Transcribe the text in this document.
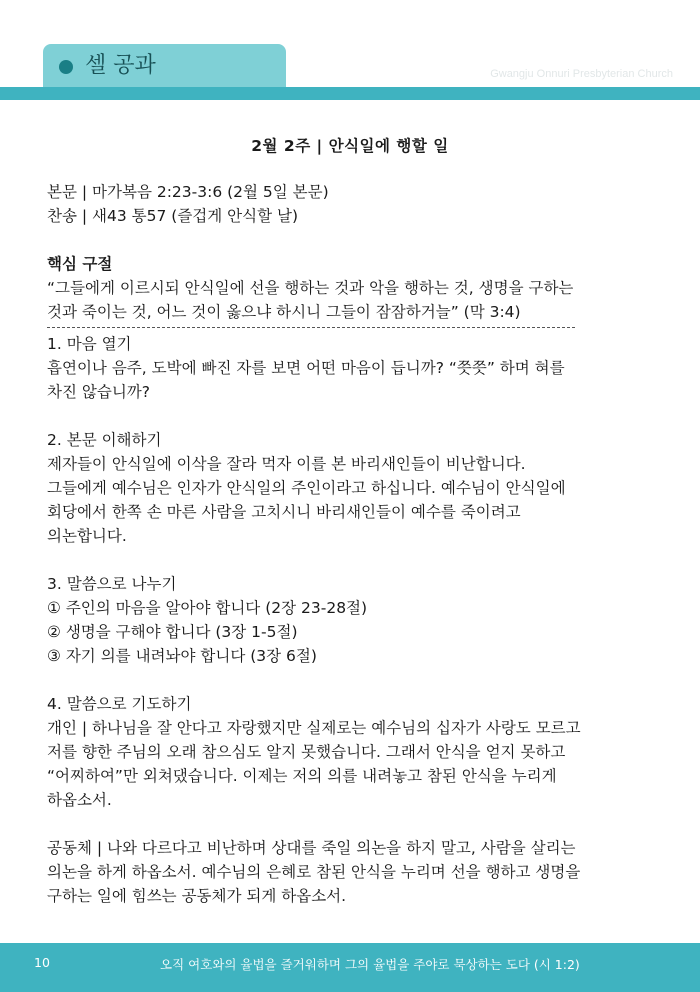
셀 공과	Gwangju Onnuri Presbyterian Church
2월 2주 | 안식일에 행할 일

본문 | 마가복음 2:23-3:6 (2월 5일 본문)

찬송 | 새43 통57 (즐겁게 안식할 날)

핵심 구절

“그들에게 이르시되 안식일에 선을 행하는 것과 악을 행하는 것, 생명을 구하는

것과 죽이는 것, 어느 것이 옳으냐 하시니 그들이 잠잠하거늘” (막 3:4)

1. 마음 열기

흡연이나 음주, 도박에 빠진 자를 보면 어떤 마음이 듭니까? “쯧쯧” 하며 혀를

차진 않습니까?

2. 본문 이해하기

제자들이 안식일에 이삭을 잘라 먹자 이를 본 바리새인들이 비난합니다.

그들에게 예수님은 인자가 안식일의 주인이라고 하십니다. 예수님이 안식일에

회당에서 한쪽 손 마른 사람을 고치시니 바리새인들이 예수를 죽이려고

의논합니다.

3. 말씀으로 나누기

① 주인의 마음을 알아야 합니다 (2장 23-28절)

② 생명을 구해야 합니다 (3장 1-5절)

③ 자기 의를 내려놔야 합니다 (3장 6절)

4. 말씀으로 기도하기

개인 | 하나님을 잘 안다고 자랑했지만 실제로는 예수님의 십자가 사랑도 모르고

저를 향한 주님의 오래 참으심도 알지 못했습니다. 그래서 안식을 얻지 못하고

“어찌하여”만 외쳐댔습니다. 이제는 저의 의를 내려놓고 참된 안식을 누리게

하옵소서.

공동체 | 나와 다르다고 비난하며 상대를 죽일 의논을 하지 말고, 사람을 살리는

의논을 하게 하옵소서. 예수님의 은혜로 참된 안식을 누리며 선을 행하고 생명을

구하는 일에 힘쓰는 공동체가 되게 하옵소서.

10	오직 여호와의 율법을 즐거워하며 그의 율법을 주야로 묵상하는 도다 (시 1:2)
